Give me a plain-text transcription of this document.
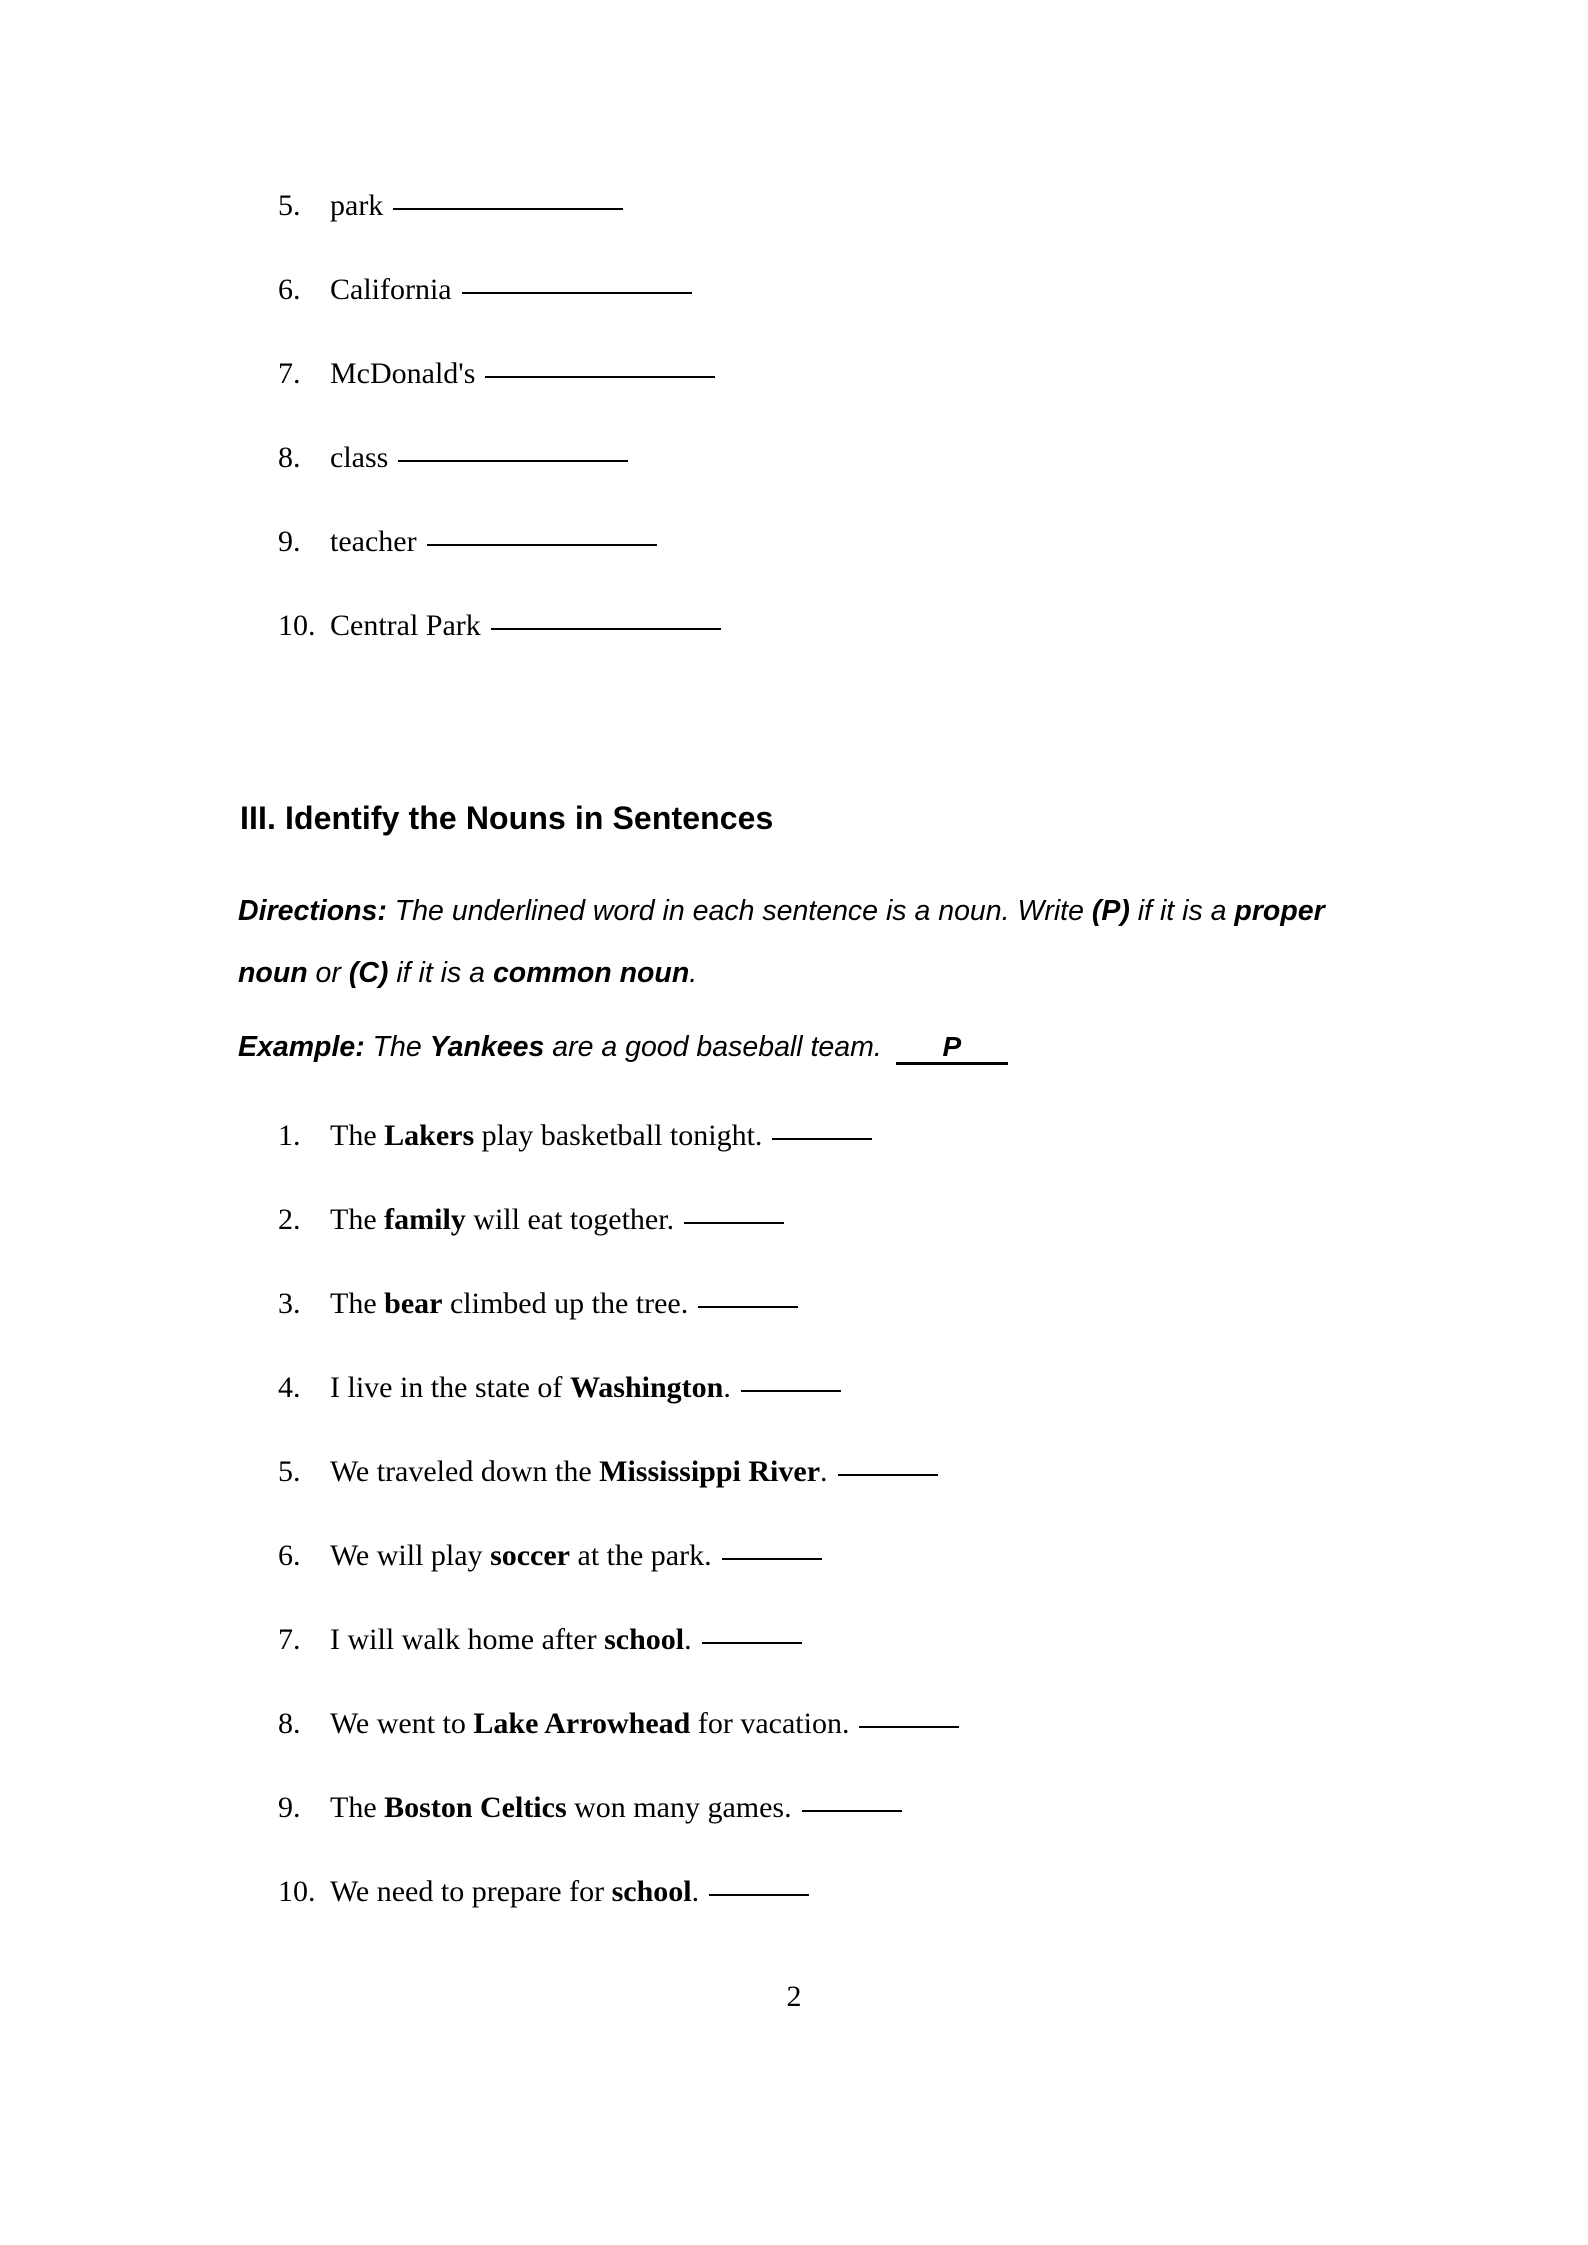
5. park
6. California
7. McDonald's
8. class
9. teacher
10. Central Park
III. Identify the Nouns in Sentences
Directions: The underlined word in each sentence is a noun. Write (P) if it is a proper noun or (C) if it is a common noun.
Example: The Yankees are a good baseball team.	P
1. The Lakers play basketball tonight.
2. The family will eat together.
3. The bear climbed up the tree.
4. I live in the state of Washington.
5. We traveled down the Mississippi River.
6. We will play soccer at the park.
7. I will walk home after school.
8. We went to Lake Arrowhead for vacation.
9. The Boston Celtics won many games.
10. We need to prepare for school.
2
